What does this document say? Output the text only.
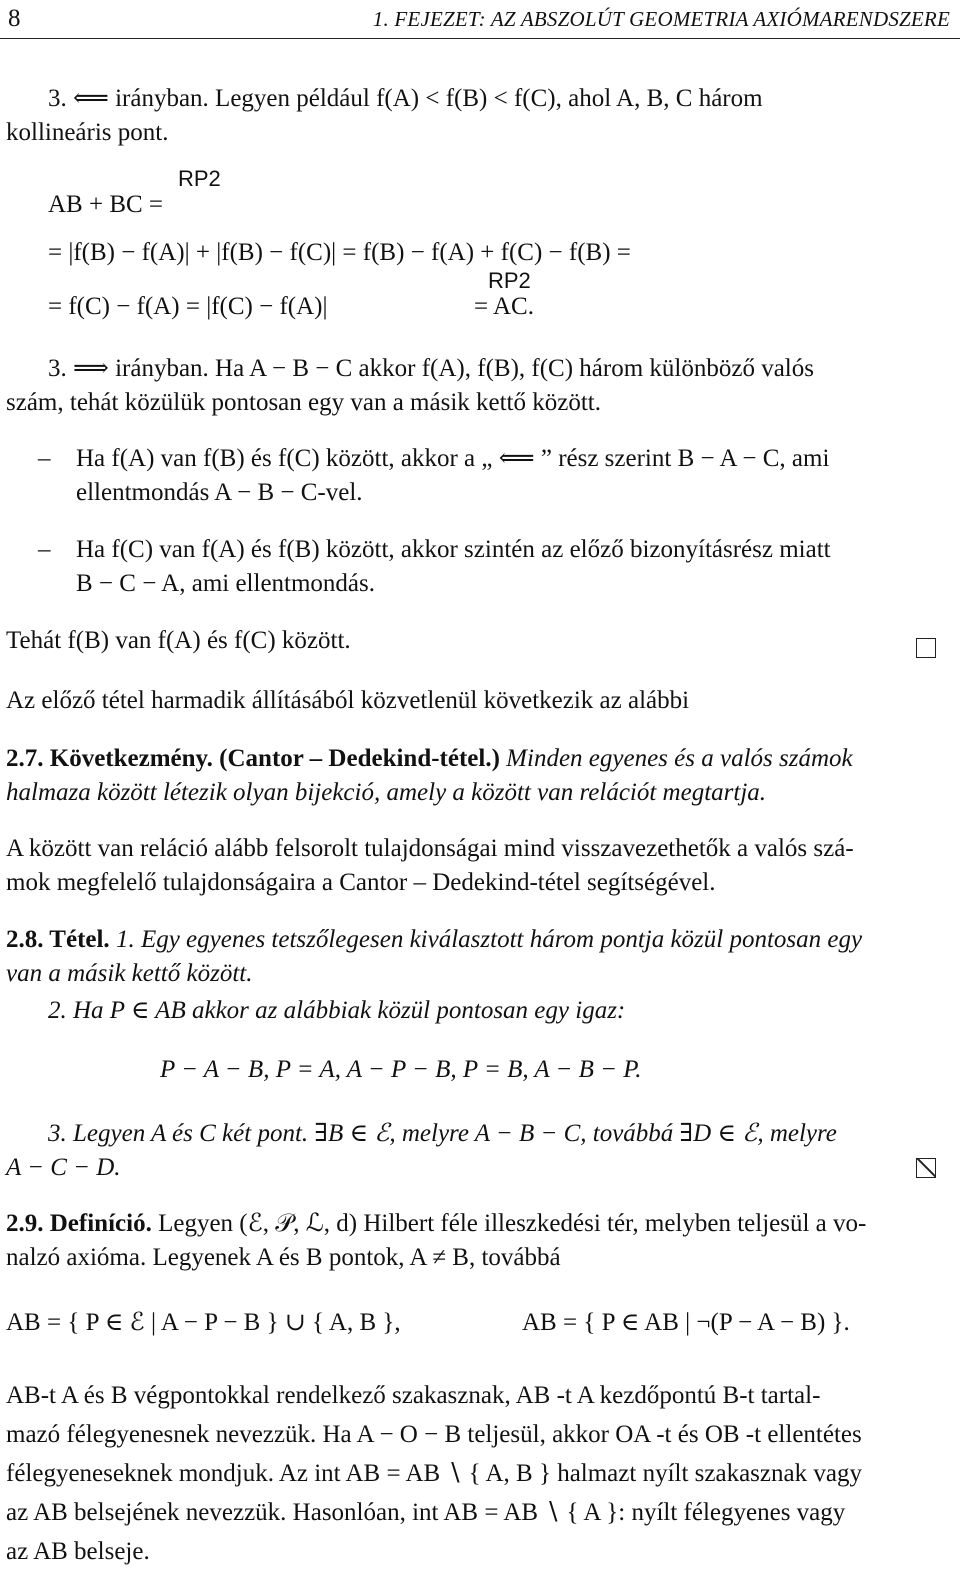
8	1. FEJEZET: AZ ABSZOLÚT GEOMETRIA AXIÓMARENDSZERE
3. ⟸ irányban. Legyen például f(A) < f(B) < f(C), ahol A, B, C három
kollineáris pont.
AB + BC =
RP2
= |f(B) − f(A)| + |f(B) − f(C)| = f(B) − f(A) + f(C) − f(B) =
= f(C) − f(A) = |f(C) − f(A)|
RP2
= AC.
3. ⟹ irányban. Ha A − B − C akkor f(A), f(B), f(C) három különböző valós
szám, tehát közülük pontosan egy van a másik kettő között.
– Ha f(A) van f(B) és f(C) között, akkor a „ ⟸ ” rész szerint B − A − C, ami
ellentmondás A − B − C-vel.
– Ha f(C) van f(A) és f(B) között, akkor szintén az előző bizonyításrész miatt
B − C − A, ami ellentmondás.
Tehát f(B) van f(A) és f(C) között.
Az előző tétel harmadik állításából közvetlenül következik az alábbi
2.7. Következmény. (Cantor – Dedekind-tétel.) Minden egyenes és a valós számok
halmaza között létezik olyan bijekció, amely a között van relációt megtartja.
A között van reláció alább felsorolt tulajdonságai mind visszavezethetők a valós szá-
mok megfelelő tulajdonságaira a Cantor – Dedekind-tétel segítségével.
2.8. Tétel. 1. Egy egyenes tetszőlegesen kiválasztott három pontja közül pontosan egy
van a másik kettő között.
2. Ha P ∈ AB akkor az alábbiak közül pontosan egy igaz:
P − A − B, P = A, A − P − B, P = B, A − B − P.
3. Legyen A és C két pont. ∃B ∈ ℰ, melyre A − B − C, továbbá ∃D ∈ ℰ, melyre
A − C − D.
2.9. Definíció. Legyen (ℰ, 𝒫, ℒ, d) Hilbert féle illeszkedési tér, melyben teljesül a vo-
nalzó axióma. Legyenek A és B pontok, A ≠ B, továbbá
AB = { P ∈ ℰ | A − P − B } ∪ { A, B },	AB = { P ∈ AB | ¬(P − A − B) }.
AB-t A és B végpontokkal rendelkező szakasznak, AB -t A kezdőpontú B-t tartal-
mazó félegyenesnek nevezzük. Ha A − O − B teljesül, akkor OA -t és OB -t ellentétes
félegyeneseknek mondjuk. Az int AB = AB ∖ { A, B } halmazt nyílt szakasznak vagy
az AB belsejének nevezzük. Hasonlóan, int AB = AB ∖ { A }: nyílt félegyenes vagy
az AB belseje.
